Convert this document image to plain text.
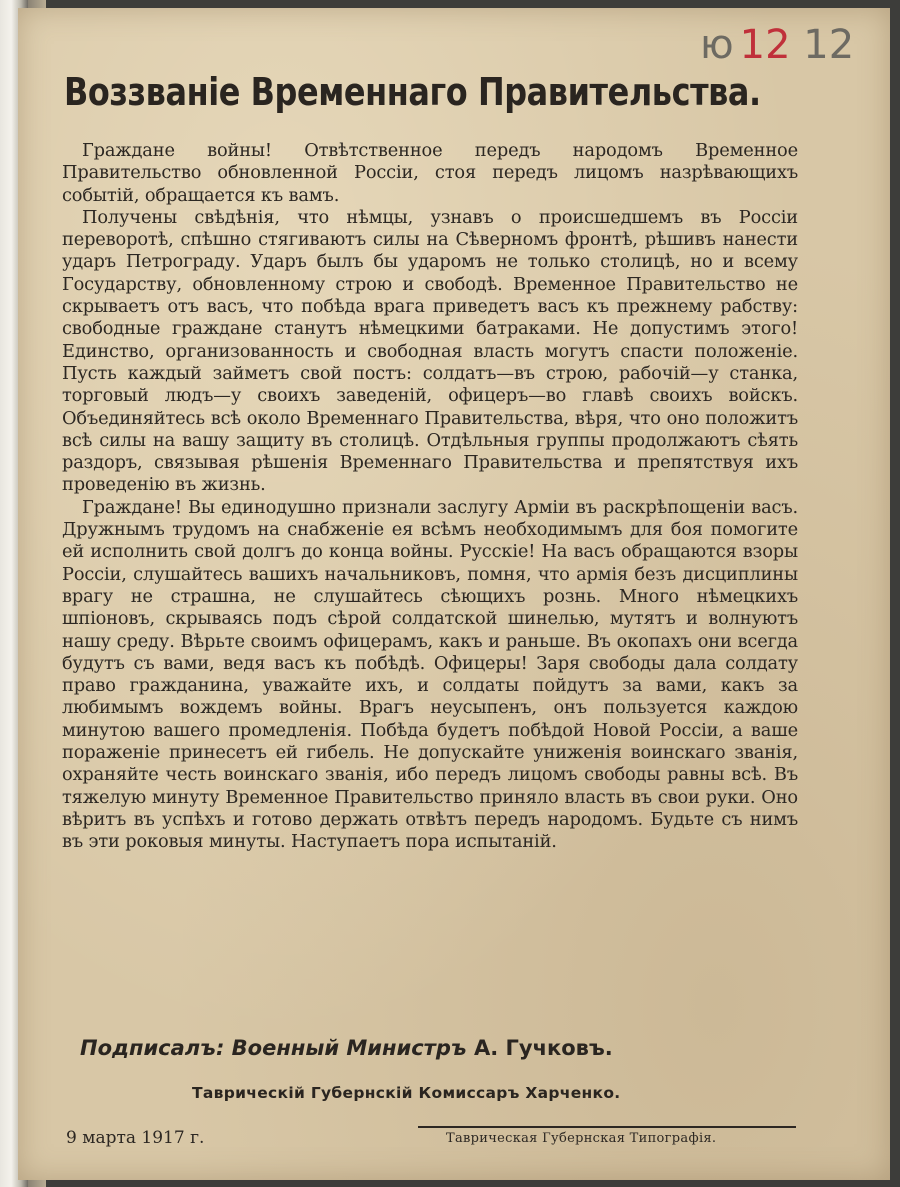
ю 12 12
Воззваніе Временнаго Правительства.

Граждане войны! Отвѣтственное передъ народомъ Временное Правительство обновленной Россіи, стоя передъ лицомъ назрѣвающихъ событій, обращается къ вамъ.

Получены свѣдѣнія, что нѣмцы, узнавъ о происшедшемъ въ Россіи переворотѣ, спѣшно стягиваютъ силы на Сѣверномъ фронтѣ, рѣшивъ нанести ударъ Петрограду. Ударъ былъ бы ударомъ не только столицѣ, но и всему Государству, обновленному строю и свободѣ. Временное Правительство не скрываетъ отъ васъ, что побѣда врага приведетъ васъ къ прежнему рабству: свободные граждане станутъ нѣмецкими батраками. Не допустимъ этого! Единство, организованность и свободная власть могутъ спасти положеніе. Пусть каждый займетъ свой постъ: солдатъ—въ строю, рабочій—у станка, торговый людъ—у своихъ заведеній, офицеръ—во главѣ своихъ войскъ. Объединяйтесь всѣ около Временнаго Правительства, вѣря, что оно положитъ всѣ силы на вашу защиту въ столицѣ. Отдѣльныя группы продолжаютъ сѣять раздоръ, связывая рѣшенія Временнаго Правительства и препятствуя ихъ проведенію въ жизнь.

Граждане! Вы единодушно признали заслугу Арміи въ раскрѣпощеніи васъ. Дружнымъ трудомъ на снабженіе ея всѣмъ необходимымъ для боя помогите ей исполнить свой долгъ до конца войны. Русскіе! На васъ обращаются взоры Россіи, слушайтесь вашихъ начальниковъ, помня, что армія безъ дисциплины врагу не страшна, не слушайтесь сѣющихъ рознь. Много нѣмецкихъ шпіоновъ, скрываясь подъ сѣрой солдатской шинелью, мутятъ и волнуютъ нашу среду. Вѣрьте своимъ офицерамъ, какъ и раньше. Въ окопахъ они всегда будутъ съ вами, ведя васъ къ побѣдѣ. Офицеры! Заря свободы дала солдату право гражданина, уважайте ихъ, и солдаты пойдутъ за вами, какъ за любимымъ вождемъ войны. Врагъ неусыпенъ, онъ пользуется каждою минутою вашего промедленія. Побѣда будетъ побѣдой Новой Россіи, а ваше пораженіе принесетъ ей гибель. Не допускайте униженія воинскаго званія, охраняйте честь воинскаго званія, ибо передъ лицомъ свободы равны всѣ. Въ тяжелую минуту Временное Правительство приняло власть въ свои руки. Оно вѣритъ въ успѣхъ и готово держать отвѣтъ передъ народомъ. Будьте съ нимъ въ эти роковыя минуты. Наступаетъ пора испытаній.

Подписалъ: Военный Министръ А. Гучковъ.
Таврическій Губернскій Комиссаръ Харченко.
9 марта 1917 г.	Таврическая Губернская Типографія.
